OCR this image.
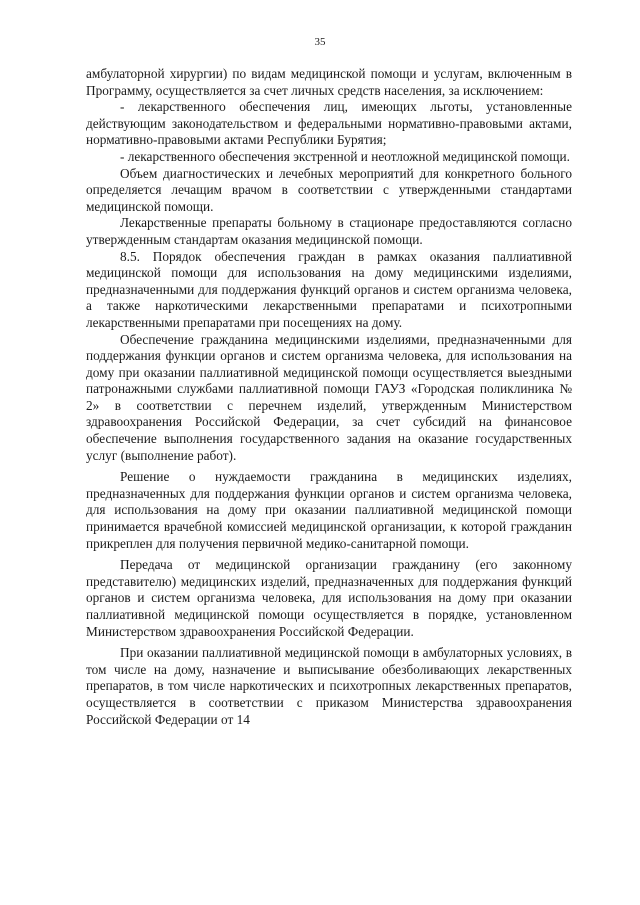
35

амбулаторной хирургии) по видам медицинской помощи и услугам, включенным в Программу, осуществляется за счет личных средств населения, за исключением:

- лекарственного обеспечения лиц, имеющих льготы, установленные действующим законодательством и федеральными нормативно-правовыми актами, нормативно-правовыми актами Республики Бурятия;

- лекарственного обеспечения экстренной и неотложной медицинской помощи.

Объем диагностических и лечебных мероприятий для конкретного больного определяется лечащим врачом в соответствии с утвержденными стандартами медицинской помощи.

Лекарственные препараты больному в стационаре предоставляются согласно утвержденным стандартам оказания медицинской помощи.

8.5. Порядок обеспечения граждан в рамках оказания паллиативной медицинской помощи для использования на дому медицинскими изделиями, предназначенными для поддержания функций органов и систем организма человека, а также наркотическими лекарственными препаратами и психотропными лекарственными препаратами при посещениях на дому.

Обеспечение гражданина медицинскими изделиями, предназначенными для поддержания функции органов и систем организма человека, для использования на дому при оказании паллиативной медицинской помощи осуществляется выездными патронажными службами паллиативной помощи ГАУЗ «Городская поликлиника № 2» в соответствии с перечнем изделий, утвержденным Министерством здравоохранения Российской Федерации, за счет субсидий на финансовое обеспечение выполнения государственного задания на оказание государственных услуг (выполнение работ).

Решение о нуждаемости гражданина в медицинских изделиях, предназначенных для поддержания функции органов и систем организма человека, для использования на дому при оказании паллиативной медицинской помощи принимается врачебной комиссией медицинской организации, к которой гражданин прикреплен для получения первичной медико-санитарной помощи.

Передача от медицинской организации гражданину (его законному представителю) медицинских изделий, предназначенных для поддержания функций органов и систем организма человека, для использования на дому при оказании паллиативной медицинской помощи осуществляется в порядке, установленном Министерством здравоохранения Российской Федерации.

При оказании паллиативной медицинской помощи в амбулаторных условиях, в том числе на дому, назначение и выписывание обезболивающих лекарственных препаратов, в том числе наркотических и психотропных лекарственных препаратов, осуществляется в соответствии с приказом Министерства здравоохранения Российской Федерации от 14
